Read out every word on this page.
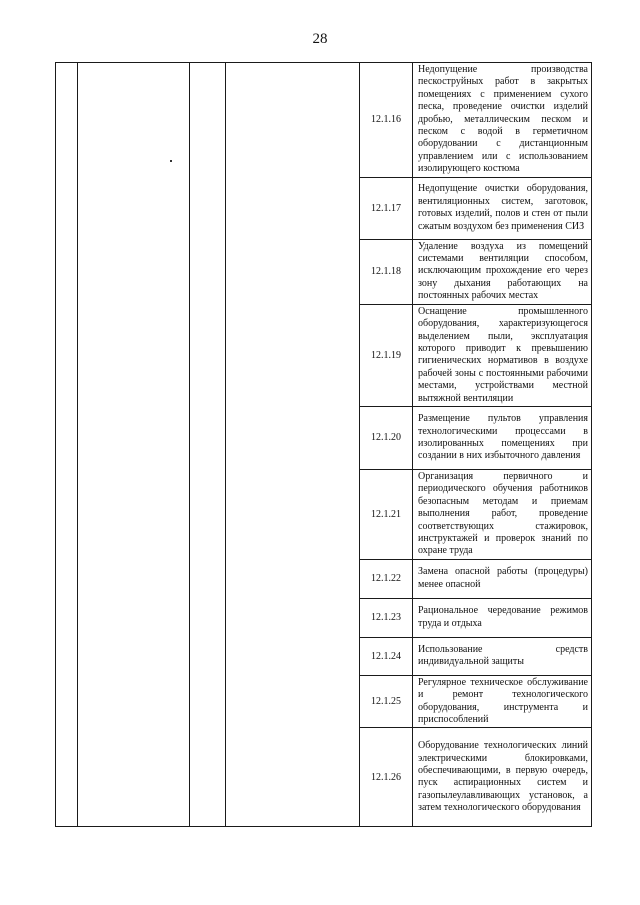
28
				12.1.16	Недопущение производства пескоструйных работ в закрытых помещениях с применением сухого песка, проведение очистки изделий дробью, металлическим песком и песком с водой в герметичном оборудовании с дистанционным управлением или с использованием изолирующего костюма
				12.1.17	Недопущение очистки оборудования, вентиляционных систем, заготовок, готовых изделий, полов и стен от пыли сжатым воздухом без применения СИЗ
				12.1.18	Удаление воздуха из помещений системами вентиляции способом, исключающим прохождение его через зону дыхания работающих на постоянных рабочих местах
				12.1.19	Оснащение промышленного оборудования, характеризующегося выделением пыли, эксплуатация которого приводит к превышению гигиенических нормативов в воздухе рабочей зоны с постоянными рабочими местами, устройствами местной вытяжной вентиляции
				12.1.20	Размещение пультов управления технологическими процессами в изолированных помещениях при создании в них избыточного давления
				12.1.21	Организация первичного и периодического обучения работников безопасным методам и приемам выполнения работ, проведение соответствующих стажировок, инструктажей и проверок знаний по охране труда
				12.1.22	Замена опасной работы (процедуры) менее опасной
				12.1.23	Рациональное чередование режимов труда и отдыха
				12.1.24	Использование средств индивидуальной защиты
				12.1.25	Регулярное техническое обслуживание и ремонт технологического оборудования, инструмента и приспособлений
				12.1.26	Оборудование технологических линий электрическими блокировками, обеспечивающими, в первую очередь, пуск аспирационных систем и газопылеулавливающих установок, а затем технологического оборудования
